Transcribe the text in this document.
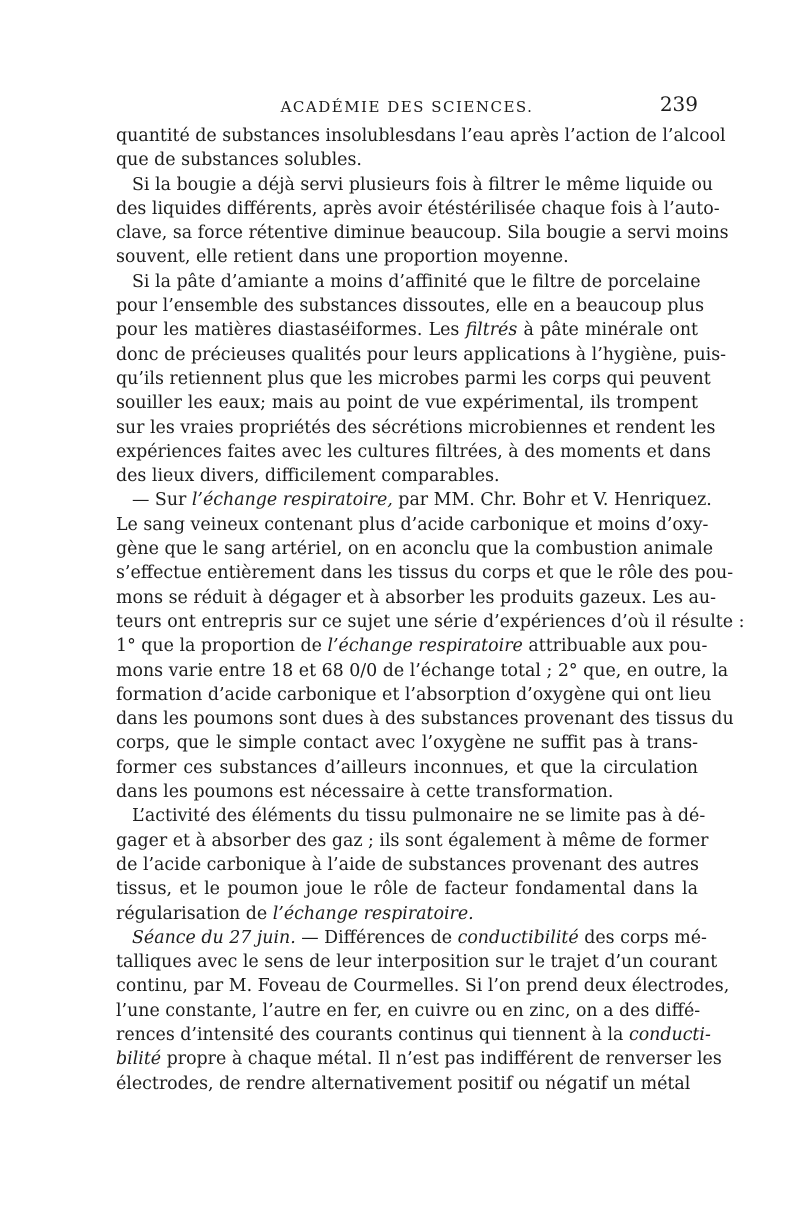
ACADÉMIE DES SCIENCES.	239
quantité de substances insolublesdans l’eau après l’action de l’alcool
que de substances solubles.
Si la bougie a déjà servi plusieurs fois à filtrer le même liquide ou
des liquides différents, après avoir étéstérilisée chaque fois à l’auto-
clave, sa force rétentive diminue beaucoup. Sila bougie a servi moins
souvent, elle retient dans une proportion moyenne.
Si la pâte d’amiante a moins d’affinité que le filtre de porcelaine
pour l’ensemble des substances dissoutes, elle en a beaucoup plus
pour les matières diastaséiformes. Les filtrés à pâte minérale ont
donc de précieuses qualités pour leurs applications à l’hygiène, puis-
qu’ils retiennent plus que les microbes parmi les corps qui peuvent
souiller les eaux; mais au point de vue expérimental, ils trompent
sur les vraies propriétés des sécrétions microbiennes et rendent les
expériences faites avec les cultures filtrées, à des moments et dans
des lieux divers, difficilement comparables.
— Sur l’échange respiratoire, par MM. Chr. Bohr et V. Henriquez.
Le sang veineux contenant plus d’acide carbonique et moins d’oxy-
gène que le sang artériel, on en aconclu que la combustion animale
s’effectue entièrement dans les tissus du corps et que le rôle des pou-
mons se réduit à dégager et à absorber les produits gazeux. Les au-
teurs ont entrepris sur ce sujet une série d’expériences d’où il résulte :
1° que la proportion de l’échange respiratoire attribuable aux pou-
mons varie entre 18 et 68 0/0 de l’échange total ; 2° que, en outre, la
formation d’acide carbonique et l’absorption d’oxygène qui ont lieu
dans les poumons sont dues à des substances provenant des tissus du
corps, que le simple contact avec l’oxygène ne suffit pas à trans-
former ces substances d’ailleurs inconnues, et que la circulation
dans les poumons est nécessaire à cette transformation.
L’activité des éléments du tissu pulmonaire ne se limite pas à dé-
gager et à absorber des gaz ; ils sont également à même de former
de l’acide carbonique à l’aide de substances provenant des autres
tissus, et le poumon joue le rôle de facteur fondamental dans la
régularisation de l’échange respiratoire.
Séance du 27 juin. — Différences de conductibilité des corps mé-
talliques avec le sens de leur interposition sur le trajet d’un courant
continu, par M. Foveau de Courmelles. Si l’on prend deux électrodes,
l’une constante, l’autre en fer, en cuivre ou en zinc, on a des diffé-
rences d’intensité des courants continus qui tiennent à la conducti-
bilité propre à chaque métal. Il n’est pas indifférent de renverser les
électrodes, de rendre alternativement positif ou négatif un métal
